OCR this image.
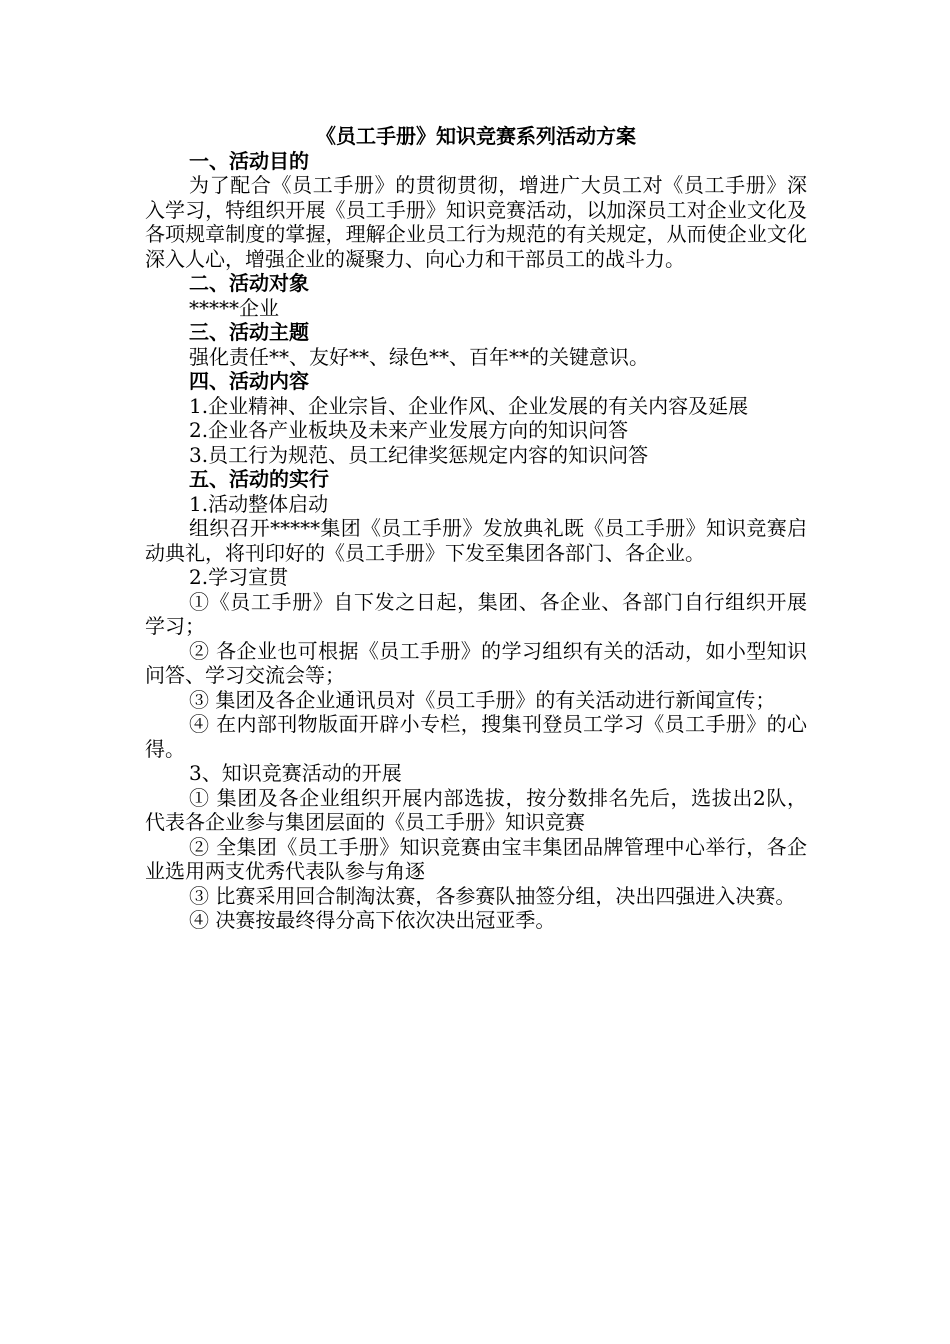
《员工手册》知识竞赛系列活动方案

一、活动目的

为了配合《员工手册》的贯彻贯彻，增进广大员工对《员工手册》深入学习，特组织开展《员工手册》知识竞赛活动，以加深员工对企业文化及各项规章制度的掌握，理解企业员工行为规范的有关规定，从而使企业文化深入人心，增强企业的凝聚力、向心力和干部员工的战斗力。

二、活动对象

*****企业

三、活动主题

强化责任**、友好**、绿色**、百年**的关键意识。

四、活动内容

1.企业精神、企业宗旨、企业作风、企业发展的有关内容及延展

2.企业各产业板块及未来产业发展方向的知识问答

3.员工行为规范、员工纪律奖惩规定内容的知识问答

五、活动的实行

1.活动整体启动

组织召开*****集团《员工手册》发放典礼既《员工手册》知识竞赛启动典礼，将刊印好的《员工手册》下发至集团各部门、各企业。

2.学习宣贯

①《员工手册》自下发之日起，集团、各企业、各部门自行组织开展学习；

② 各企业也可根据《员工手册》的学习组织有关的活动，如小型知识问答、学习交流会等；

③ 集团及各企业通讯员对《员工手册》的有关活动进行新闻宣传；

④ 在内部刊物版面开辟小专栏，搜集刊登员工学习《员工手册》的心得。

3、知识竞赛活动的开展

① 集团及各企业组织开展内部选拔，按分数排名先后，选拔出2队，代表各企业参与集团层面的《员工手册》知识竞赛

② 全集团《员工手册》知识竞赛由宝丰集团品牌管理中心举行，各企业选用两支优秀代表队参与角逐

③ 比赛采用回合制淘汰赛，各参赛队抽签分组，决出四强进入决赛。

④ 决赛按最终得分高下依次决出冠亚季。
